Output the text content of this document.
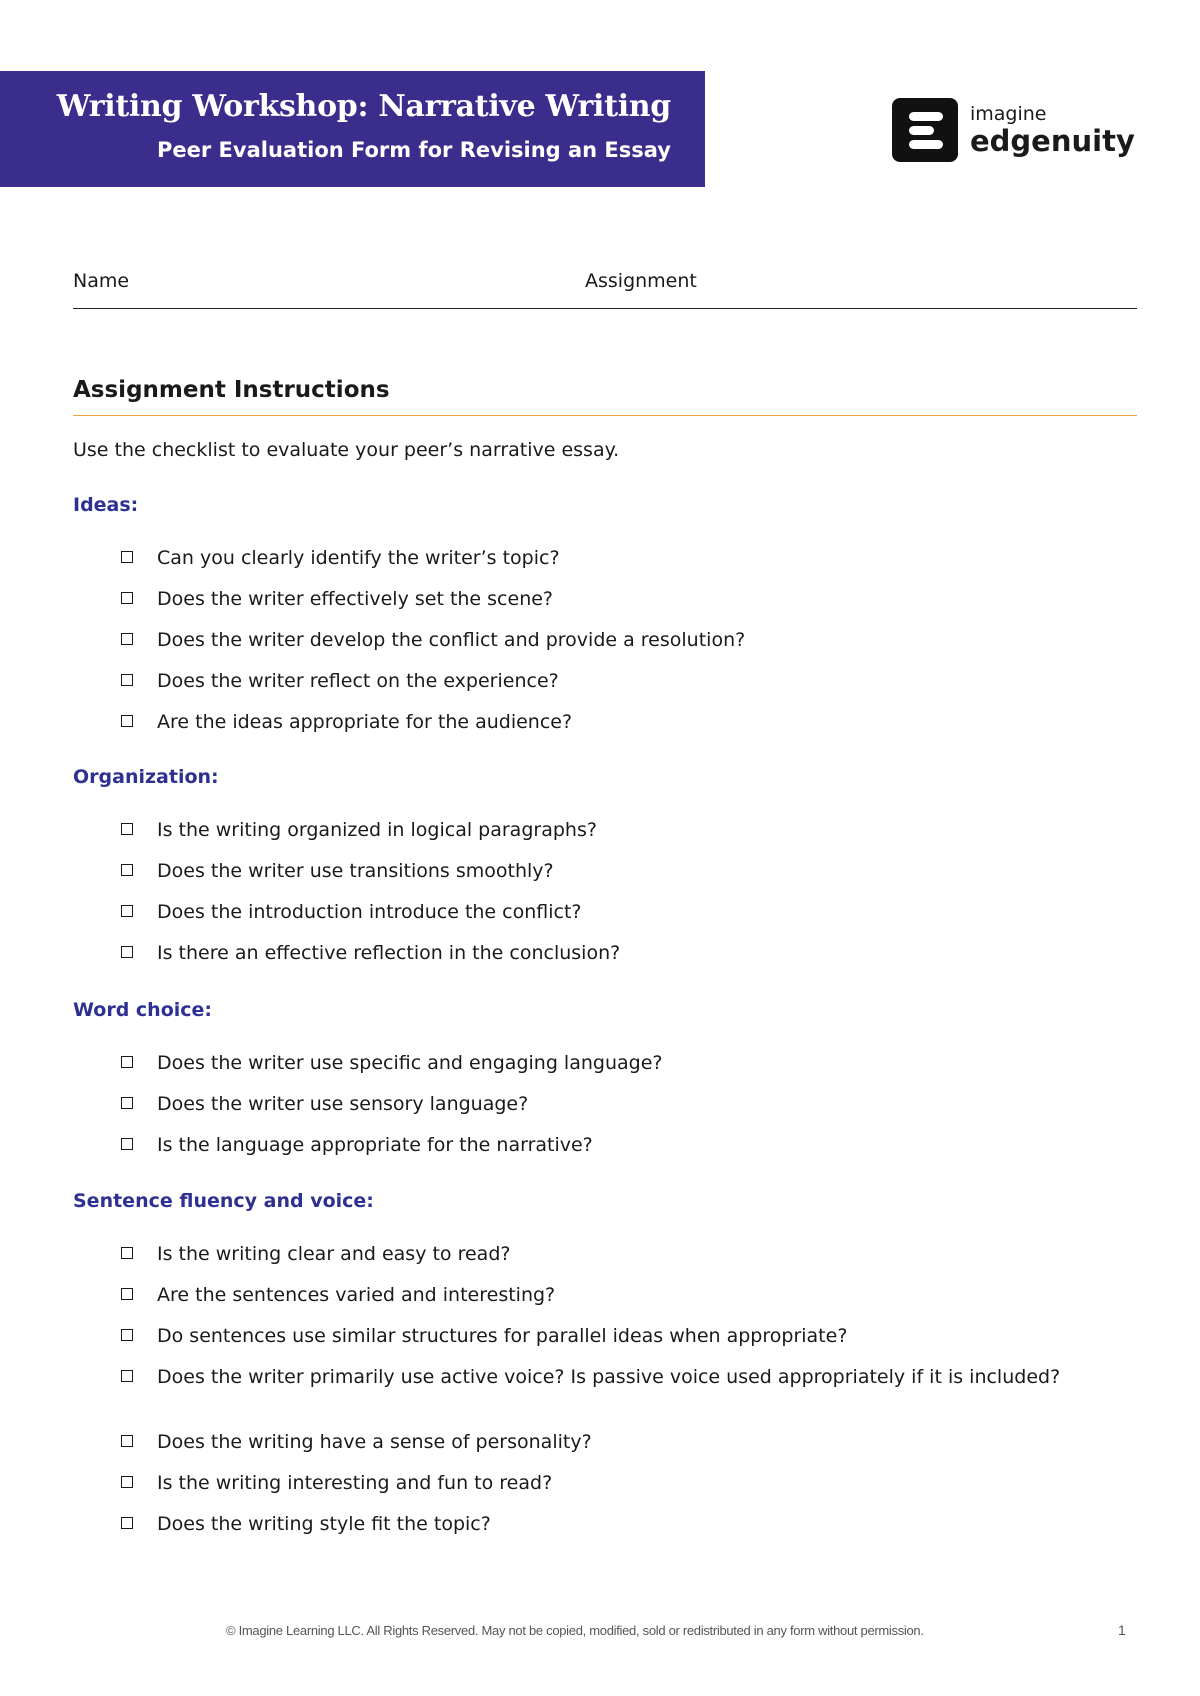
Writing Workshop: Narrative Writing
Peer Evaluation Form for Revising an Essay
imagine
edgenuity
Name	Assignment
Assignment Instructions
Use the checklist to evaluate your peer’s narrative essay.
Ideas:
Can you clearly identify the writer’s topic?
Does the writer effectively set the scene?
Does the writer develop the conflict and provide a resolution?
Does the writer reflect on the experience?
Are the ideas appropriate for the audience?
Organization:
Is the writing organized in logical paragraphs?
Does the writer use transitions smoothly?
Does the introduction introduce the conflict?
Is there an effective reflection in the conclusion?
Word choice:
Does the writer use specific and engaging language?
Does the writer use sensory language?
Is the language appropriate for the narrative?
Sentence fluency and voice:
Is the writing clear and easy to read?
Are the sentences varied and interesting?
Do sentences use similar structures for parallel ideas when appropriate?
Does the writer primarily use active voice? Is passive voice used appropriately if it is included?
Does the writing have a sense of personality?
Is the writing interesting and fun to read?
Does the writing style fit the topic?
© Imagine Learning LLC. All Rights Reserved. May not be copied, modified, sold or redistributed in any form without permission.	1
